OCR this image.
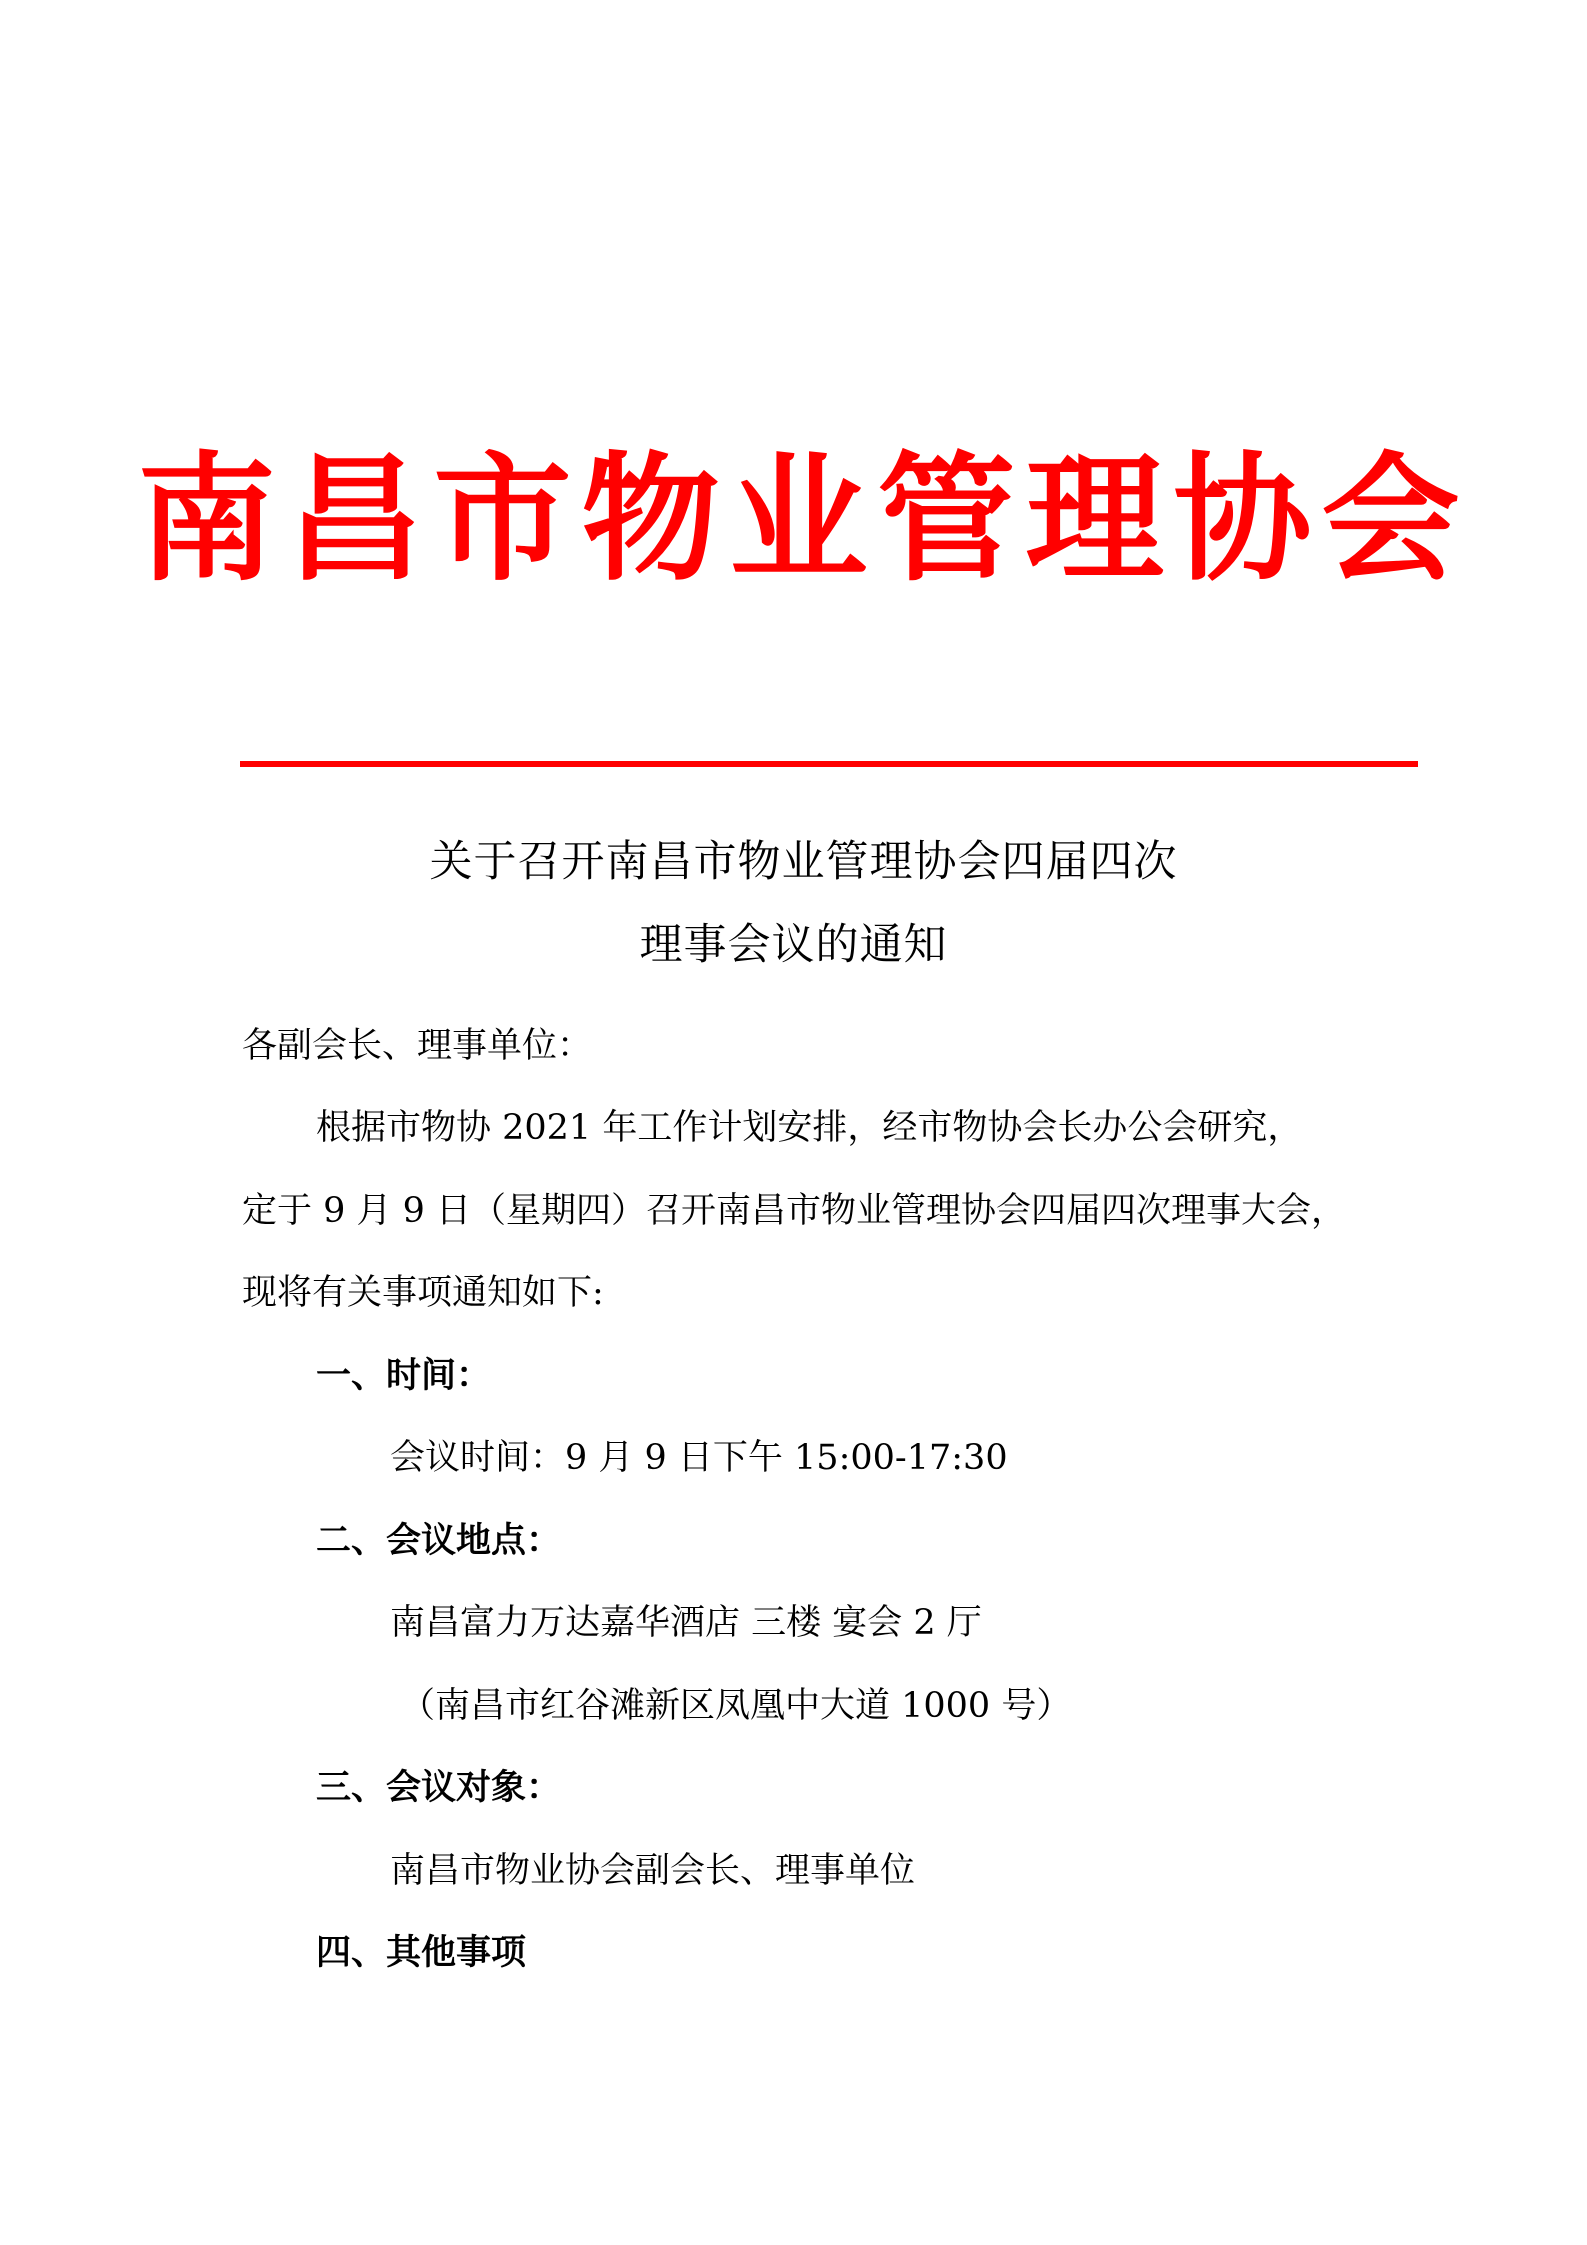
南昌市物业管理协会
关于召开南昌市物业管理协会四届四次
理事会议的通知
各副会长、理事单位：
根据市物协 2021 年工作计划安排，经市物协会长办公会研究，
定于 9 月 9 日（星期四）召开南昌市物业管理协会四届四次理事大会，
现将有关事项通知如下:
一、时间：
会议时间：9 月 9 日下午 15:00-17:30
二、会议地点：
南昌富力万达嘉华酒店 三楼 宴会 2 厅
（南昌市红谷滩新区凤凰中大道 1000 号）
三、会议对象：
南昌市物业协会副会长、理事单位
四、其他事项
